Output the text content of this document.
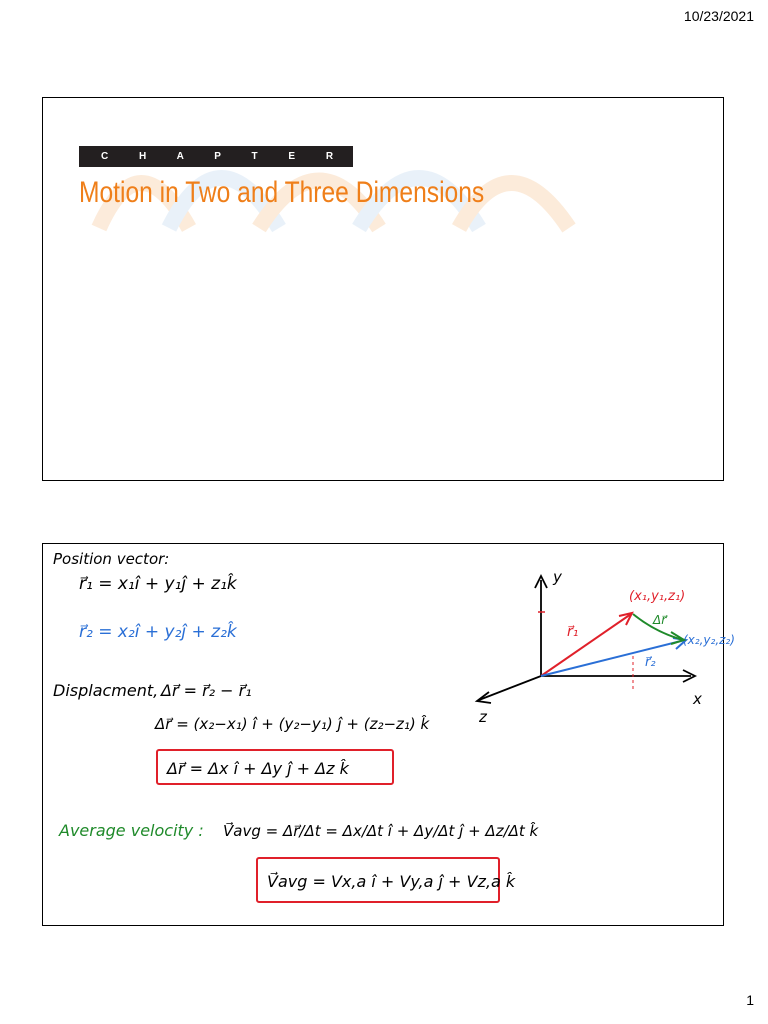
10/23/2021
C H A P T E R 4
Motion in Two and Three Dimensions
Position vector:
r⃗₁ = x₁î + y₁ĵ + z₁k̂
r⃗₂ = x₂î + y₂ĵ + z₂k̂
Displacment, Δr⃗ = r⃗₂ − r⃗₁
Δr⃗ = (x₂−x₁) î + (y₂−y₁) ĵ + (z₂−z₁) k̂
Δr⃗ = Δx î + Δy ĵ + Δz k̂
Average velocity : V⃗avg = Δr⃗/Δt = Δx/Δt î + Δy/Δt ĵ + Δz/Δt k̂
V⃗avg = Vx,a î + Vy,a ĵ + Vz,a k̂
y
x
z
r⃗₁
(x₁,y₁,z₁)
r⃗₂
(x₂,y₂,z₂)
Δr⃗
1
